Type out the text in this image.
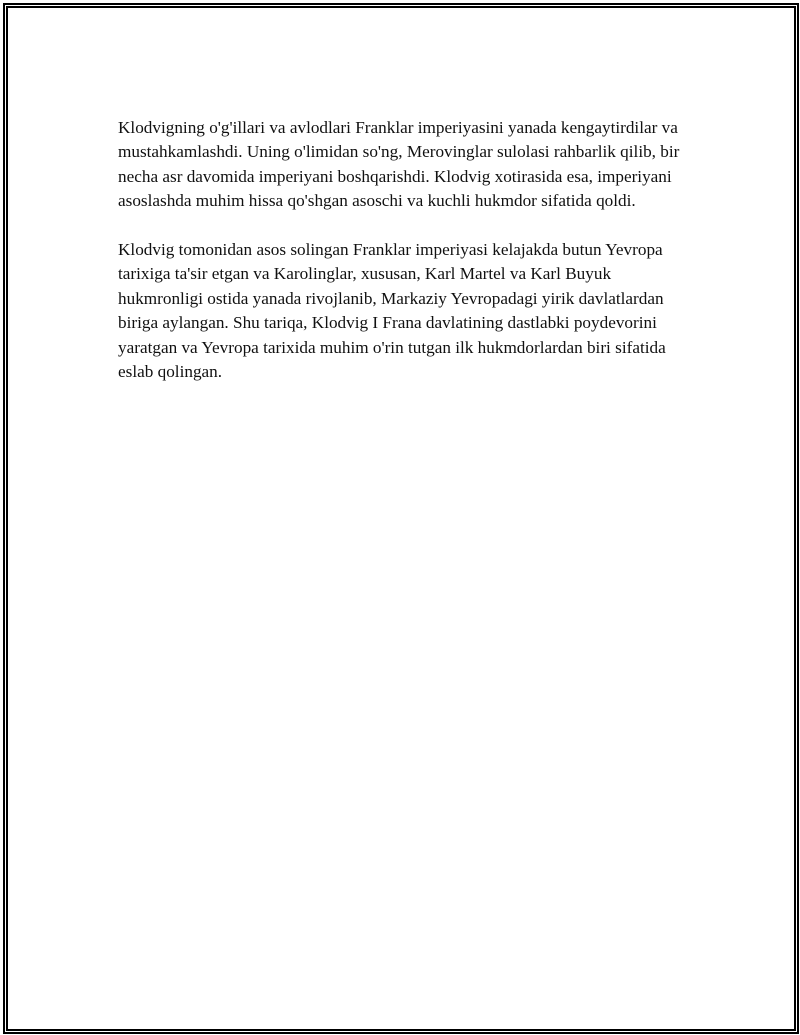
Klodvigning o'g'illari va avlodlari Franklar imperiyasini yanada kengaytirdilar va mustahkamlashdi. Uning o'limidan so'ng, Merovinglar sulolasi rahbarlik qilib, bir necha asr davomida imperiyani boshqarishdi. Klodvig xotirasida esa, imperiyani asoslashda muhim hissa qo'shgan asoschi va kuchli hukmdor sifatida qoldi.

Klodvig tomonidan asos solingan Franklar imperiyasi kelajakda butun Yevropa tarixiga ta'sir etgan va Karolinglar, xususan, Karl Martel va Karl Buyuk hukmronligi ostida yanada rivojlanib, Markaziy Yevropadagi yirik davlatlardan biriga aylangan. Shu tariqa, Klodvig I Frana davlatining dastlabki poydevorini yaratgan va Yevropa tarixida muhim o'rin tutgan ilk hukmdorlardan biri sifatida eslab qolingan.
